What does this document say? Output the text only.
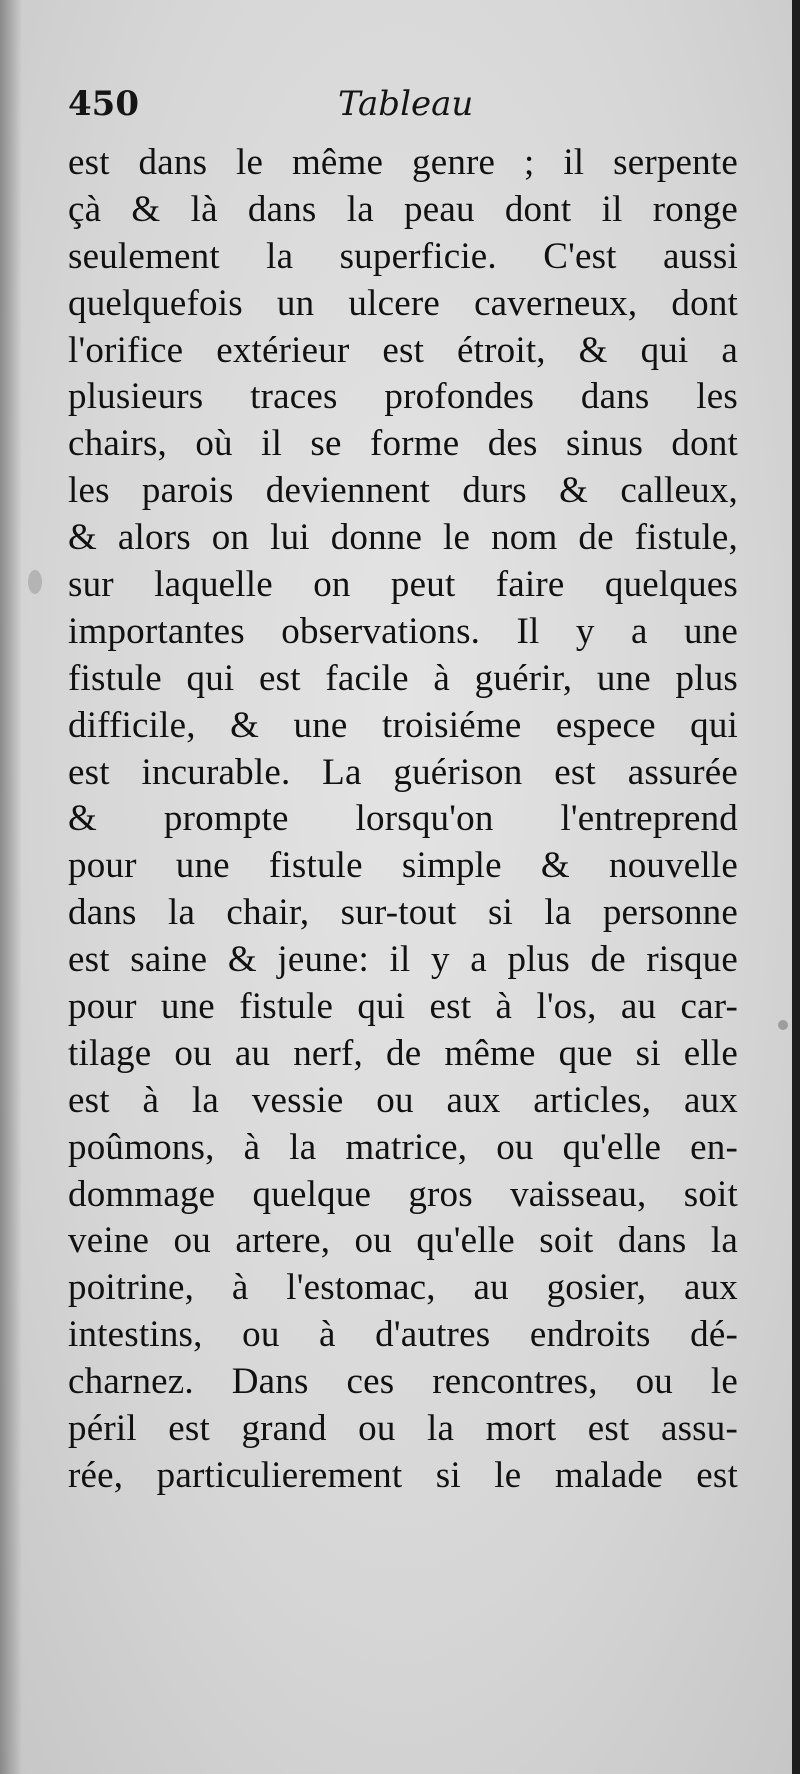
450	Tableau
est dans le même genre ; il serpente
çà & là dans la peau dont il ronge
seulement la superficie. C'est aussi
quelquefois un ulcere caverneux, dont
l'orifice extérieur est étroit, & qui a
plusieurs traces profondes dans les
chairs, où il se forme des sinus dont
les parois deviennent durs & calleux,
& alors on lui donne le nom de fistule,
sur laquelle on peut faire quelques
importantes observations. Il y a une
fistule qui est facile à guérir, une plus
difficile, & une troisiéme espece qui
est incurable. La guérison est assurée
& prompte lorsqu'on l'entreprend
pour une fistule simple & nouvelle
dans la chair, sur-tout si la personne
est saine & jeune: il y a plus de risque
pour une fistule qui est à l'os, au car-
tilage ou au nerf, de même que si elle
est à la vessie ou aux articles, aux
poûmons, à la matrice, ou qu'elle en-
dommage quelque gros vaisseau, soit
veine ou artere, ou qu'elle soit dans la
poitrine, à l'estomac, au gosier, aux
intestins, ou à d'autres endroits dé-
charnez. Dans ces rencontres, ou le
péril est grand ou la mort est assu-
rée, particulierement si le malade est
